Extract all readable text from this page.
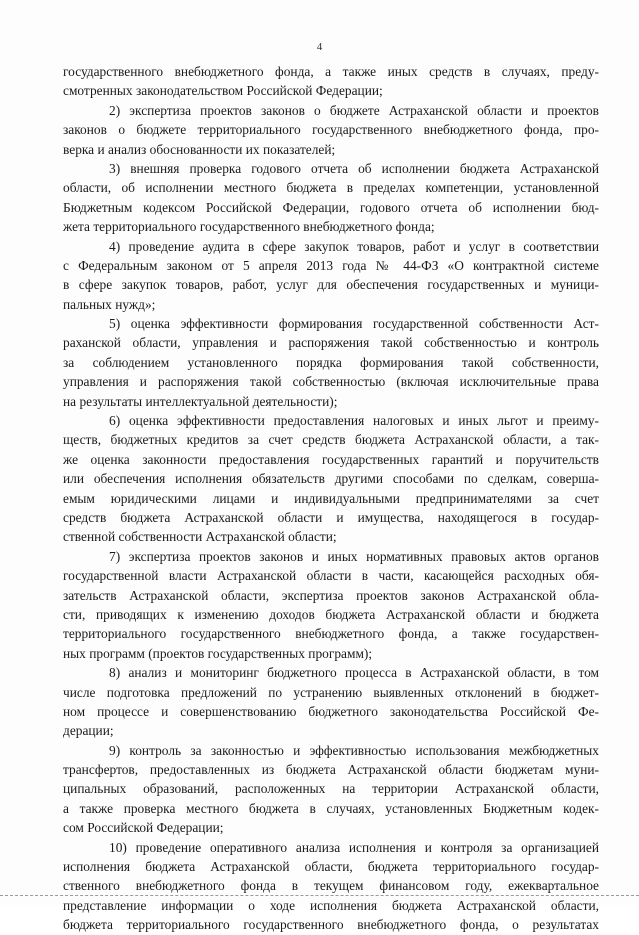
4
государственного внебюджетного фонда, а также иных средств в случаях, преду-
смотренных законодательством Российской Федерации;
2) экспертиза проектов законов о бюджете Астраханской области и проектов
законов о бюджете территориального государственного внебюджетного фонда, про-
верка и анализ обоснованности их показателей;
3) внешняя проверка годового отчета об исполнении бюджета Астраханской
области, об исполнении местного бюджета в пределах компетенции, установленной
Бюджетным кодексом Российской Федерации, годового отчета об исполнении бюд-
жета территориального государственного внебюджетного фонда;
4) проведение аудита в сфере закупок товаров, работ и услуг в соответствии
с Федеральным законом от 5 апреля 2013 года № 44-ФЗ «О контрактной системе
в сфере закупок товаров, работ, услуг для обеспечения государственных и муници-
пальных нужд»;
5) оценка эффективности формирования государственной собственности Аст-
раханской области, управления и распоряжения такой собственностью и контроль
за соблюдением установленного порядка формирования такой собственности,
управления и распоряжения такой собственностью (включая исключительные права
на результаты интеллектуальной деятельности);
6) оценка эффективности предоставления налоговых и иных льгот и преиму-
ществ, бюджетных кредитов за счет средств бюджета Астраханской области, а так-
же оценка законности предоставления государственных гарантий и поручительств
или обеспечения исполнения обязательств другими способами по сделкам, соверша-
емым юридическими лицами и индивидуальными предпринимателями за счет
средств бюджета Астраханской области и имущества, находящегося в государ-
ственной собственности Астраханской области;
7) экспертиза проектов законов и иных нормативных правовых актов органов
государственной власти Астраханской области в части, касающейся расходных обя-
зательств Астраханской области, экспертиза проектов законов Астраханской обла-
сти, приводящих к изменению доходов бюджета Астраханской области и бюджета
территориального государственного внебюджетного фонда, а также государствен-
ных программ (проектов государственных программ);
8) анализ и мониторинг бюджетного процесса в Астраханской области, в том
числе подготовка предложений по устранению выявленных отклонений в бюджет-
ном процессе и совершенствованию бюджетного законодательства Российской Фе-
дерации;
9) контроль за законностью и эффективностью использования межбюджетных
трансфертов, предоставленных из бюджета Астраханской области бюджетам муни-
ципальных образований, расположенных на территории Астраханской области,
а также проверка местного бюджета в случаях, установленных Бюджетным кодек-
сом Российской Федерации;
10) проведение оперативного анализа исполнения и контроля за организацией
исполнения бюджета Астраханской области, бюджета территориального государ-
ственного внебюджетного фонда в текущем финансовом году, ежеквартальное
представление информации о ходе исполнения бюджета Астраханской области,
бюджета территориального государственного внебюджетного фонда, о результатах
